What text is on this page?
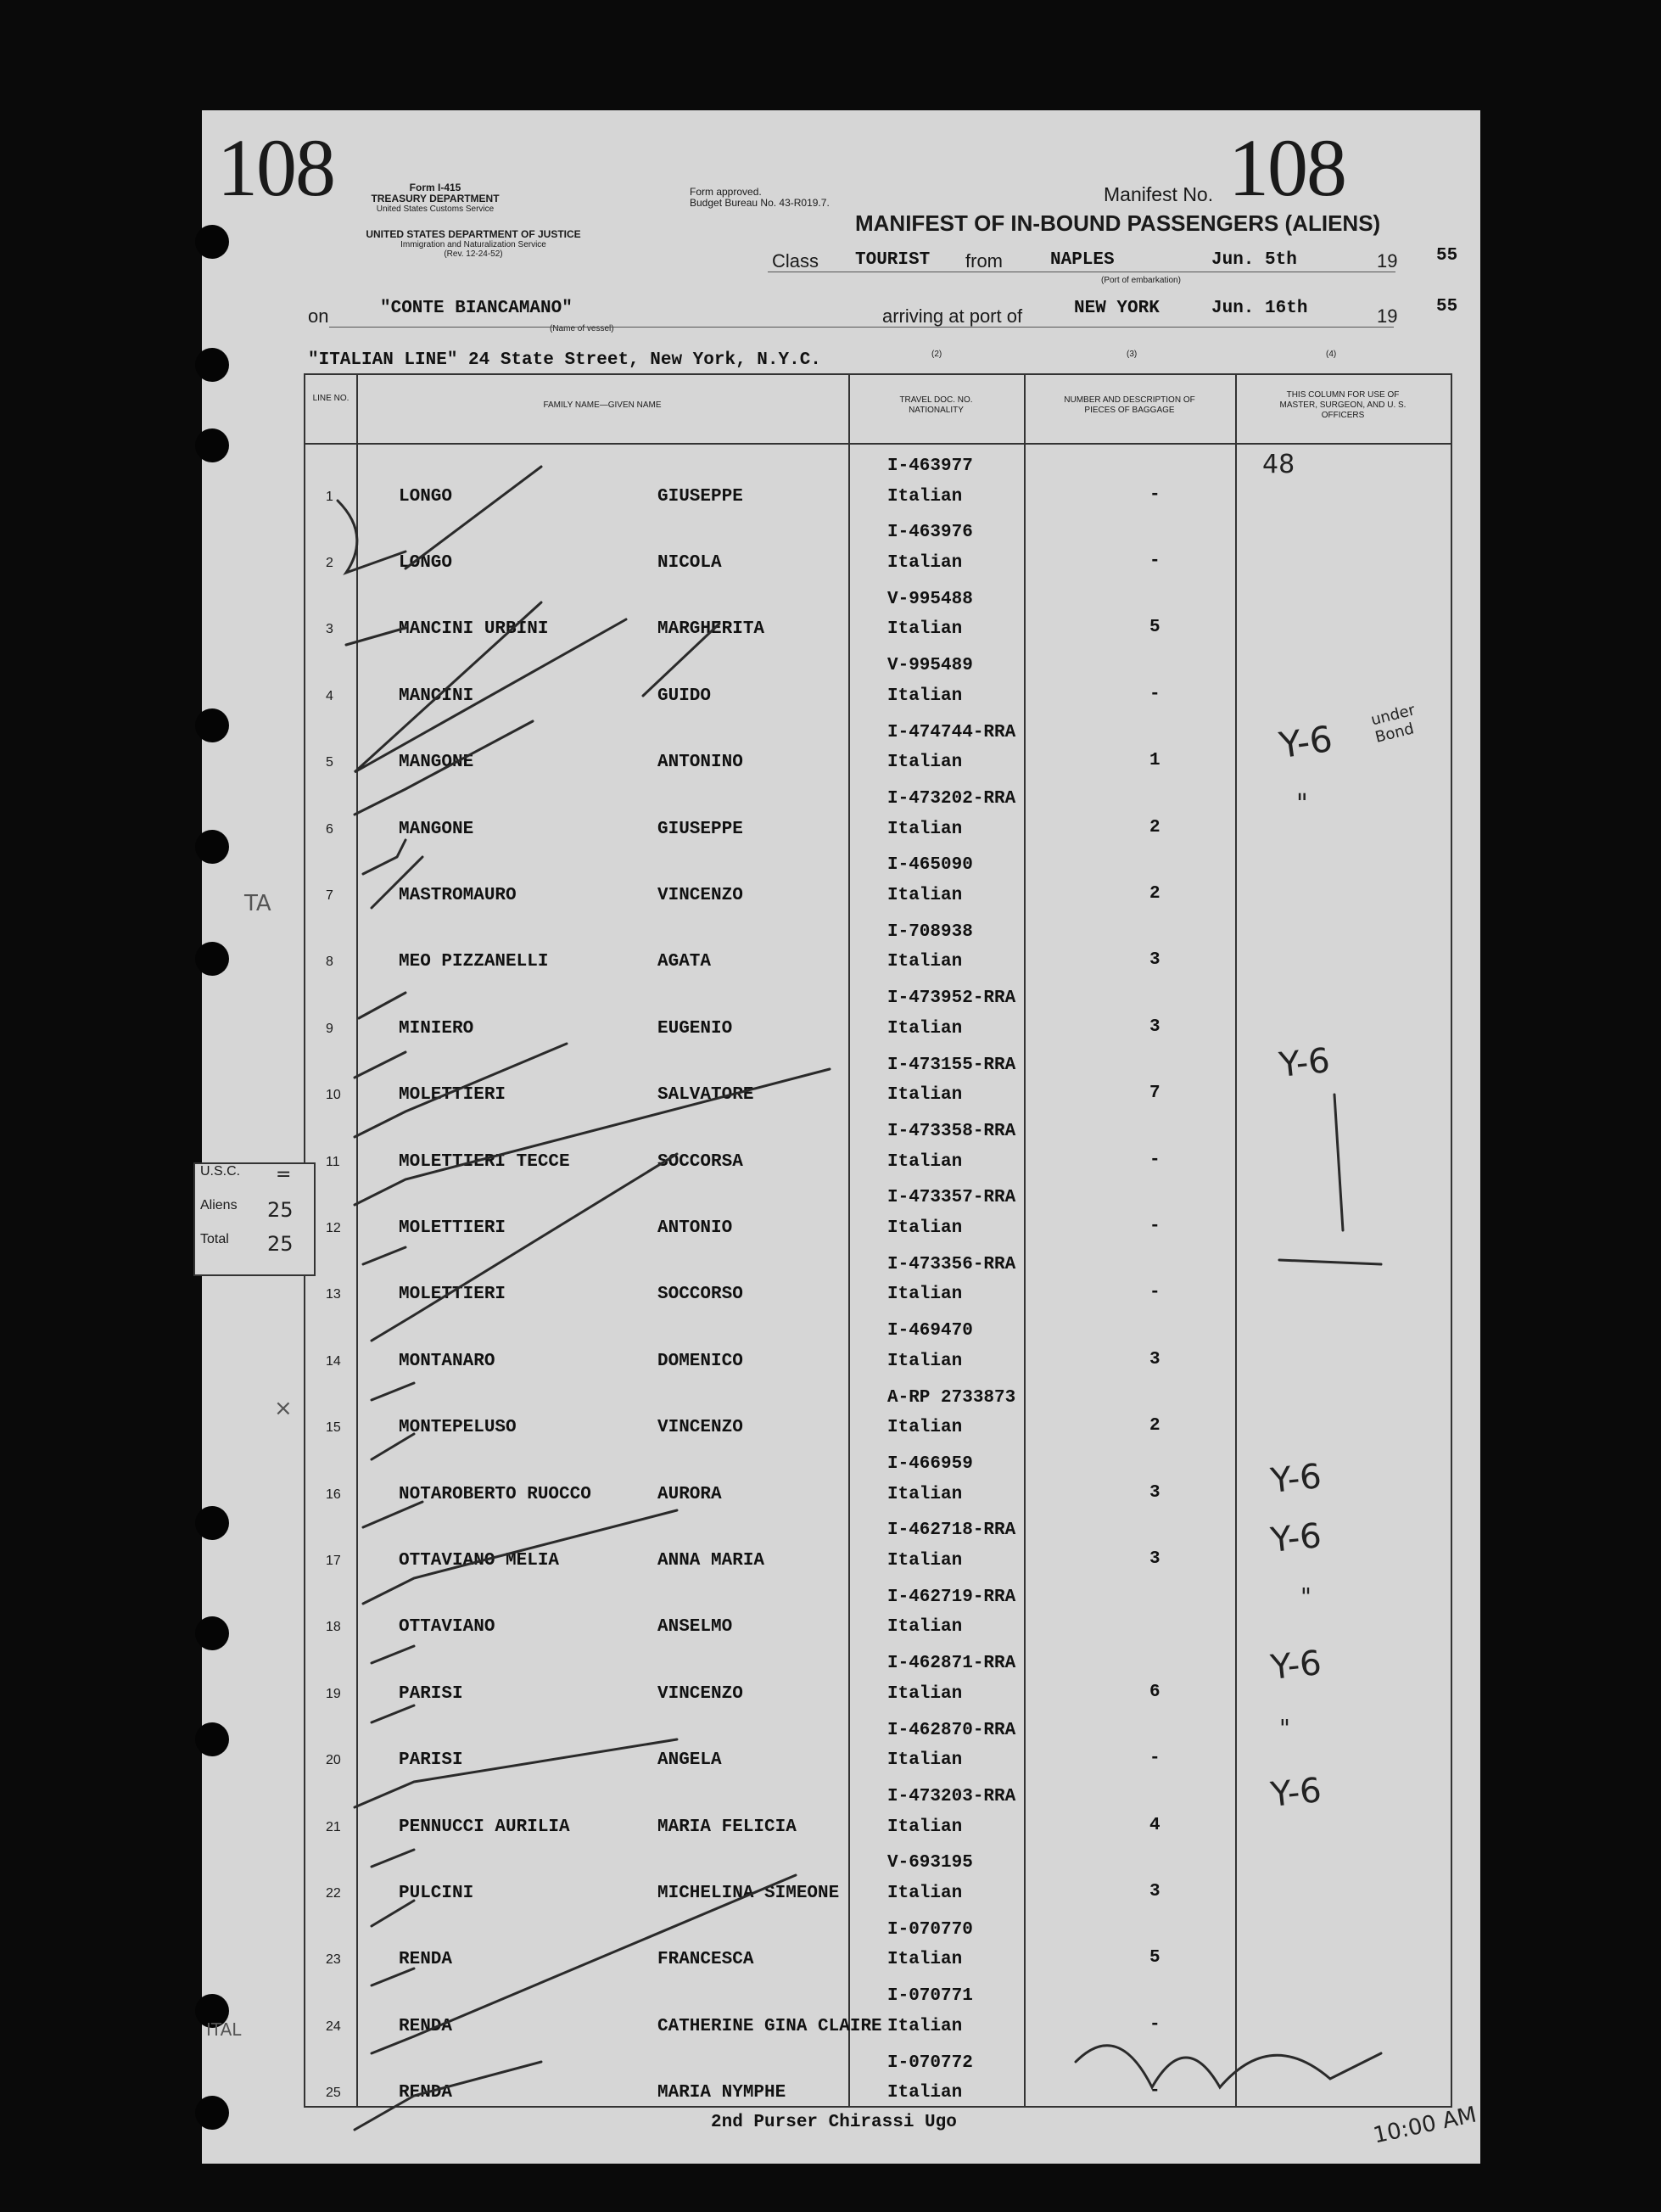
108	Form I-415
TREASURY DEPARTMENT
United States Customs Service
Form approved.
Budget Bureau No. 43-R019.7.
UNITED STATES DEPARTMENT OF JUSTICE
Immigration and Naturalization Service
(Rev. 12-24-52)
Manifest No. 108
MANIFEST OF IN-BOUND PASSENGERS (ALIENS)
Class TOURIST from	NAPLES
(Port of embarkation)
Jun. 5th	19 55
on	"CONTE BIANCAMANO"
(Name of vessel)
arriving at port of	NEW YORK	Jun. 16th	19 55
"ITALIAN LINE" 24 State Street, New York, N.Y.C.	(2)	(3)	(4)
LINE NO.
FAMILY NAME—GIVEN NAME
TRAVEL DOC. NO. NATIONALITY
NUMBER AND DESCRIPTION OF PIECES OF BAGGAGE
THIS COLUMN FOR USE OF MASTER, SURGEON, AND U. S. OFFICERS
1	LONGO	GIUSEPPE
I-463977
Italian	-
2	LONGO	NICOLA
I-463976
Italian	-
3	MANCINI URBINI	MARGHERITA
V-995488
Italian	5
4	MANCINI	GUIDO
V-995489
Italian	-
5	MANGONE	ANTONINO
I-474744-RRA
Italian	1
6	MANGONE	GIUSEPPE
I-473202-RRA
Italian	2
7	MASTROMAURO	VINCENZO
I-465090
Italian	2
8	MEO PIZZANELLI	AGATA
I-708938
Italian	3
9	MINIERO	EUGENIO
I-473952-RRA
Italian	3
10	MOLETTIERI	SALVATORE
I-473155-RRA
Italian	7
11	MOLETTIERI TECCE	SOCCORSA
I-473358-RRA
Italian	-
12	MOLETTIERI	ANTONIO
I-473357-RRA
Italian	-
13	MOLETTIERI	SOCCORSO
I-473356-RRA
Italian	-
14	MONTANARO	DOMENICO
I-469470
Italian	3
15	MONTEPELUSO	VINCENZO
A-RP 2733873
Italian	2
16	NOTAROBERTO RUOCCO	AURORA
I-466959
Italian	3
17	OTTAVIANO MELIA	ANNA MARIA
I-462718-RRA
Italian	3
18	OTTAVIANO	ANSELMO
I-462719-RRA
Italian
19	PARISI	VINCENZO
I-462871-RRA
Italian	6
20	PARISI	ANGELA
I-462870-RRA
Italian	-
21	PENNUCCI AURILIA	MARIA FELICIA
I-473203-RRA
Italian	4
22	PULCINI	MICHELINA SIMEONE
V-693195
Italian	3
23	RENDA	FRANCESCA
I-070770
Italian	5
24	RENDA	CATHERINE GINA CLAIRE
I-070771
Italian	-
25	RENDA	MARIA NYMPHE
I-070772
Italian	-
48
Y-6
under Bond
"
Y-6
Y-6
Y-6
"
Y-6
"
Y-6
TA
10:00 AM
ITAL
×
U.S.C. =
Aliens 25
Total 25
2nd Purser Chirassi Ugo
